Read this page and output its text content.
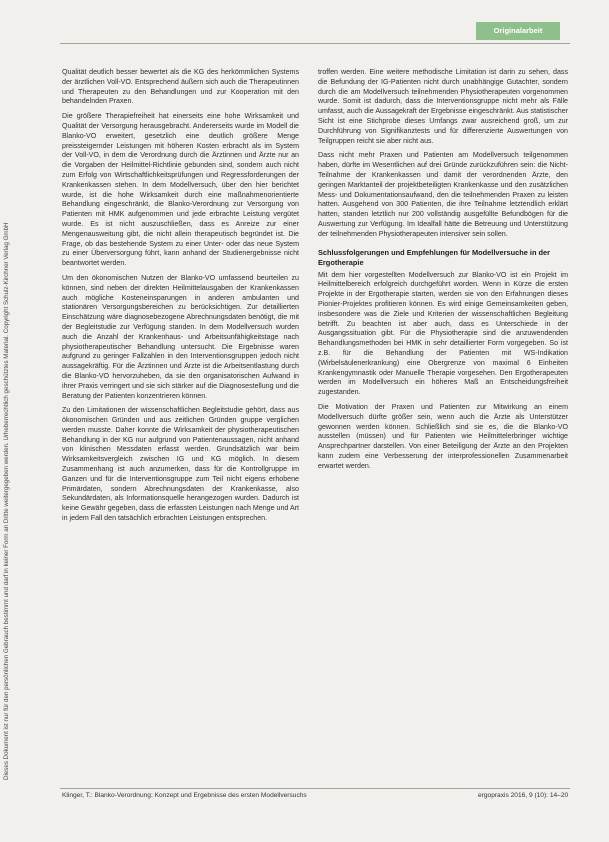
Originalarbeit
Dieses Dokument ist nur für den persönlichen Gebrauch bestimmt und darf in keiner Form an Dritte weitergegeben werden. Urheberrechtlich geschütztes Material. Copyright Schulz-Kirchner Verlag GmbH

Qualität deutlich besser bewertet als die KG des herkömmlichen Systems der ärztlichen Voll-VO. Entsprechend äußern sich auch die Therapeutinnen und Therapeuten zu den Behandlungen und zur Kooperation mit den behandelnden Praxen.

Die größere Therapiefreiheit hat einerseits eine hohe Wirksamkeit und Qualität der Versorgung herausgebracht. Andererseits wurde im Modell die Blanko-VO erweitert, gesetzlich eine deutlich größere Menge preissteigernder Leistungen mit höheren Kosten erbracht als im System der Voll-VO, in dem die Verordnung durch die Ärztinnen und Ärzte nur an die Vorgaben der Heilmittel-Richtlinie gebunden sind, sondern auch nicht zum Erfolg von Wirtschaftlichkeitsprüfungen und Regressforderungen der Krankenkassen stehen. In dem Modellversuch, über den hier berichtet wurde, ist die hohe Wirksamkeit durch eine maßnahmenorientierte Behandlung eingeschränkt, die Blanko-Verordnung zur Versorgung von Patienten mit HMK aufgenommen und jede erbrachte Leistung vergütet wurde. Es ist nicht auszuschließen, dass es Anreize zur einer Mengenausweitung gibt, die nicht allein therapeutisch begründet ist. Die Frage, ob das bestehende System zu einer Unter- oder das neue System zu einer Überversorgung führt, kann anhand der Studienergebnisse nicht beantwortet werden.

Um den ökonomischen Nutzen der Blanko-VO umfassend beurteilen zu können, sind neben der direkten Heilmittelausgaben der Krankenkassen auch mögliche Kosteneinsparungen in anderen ambulanten und stationären Versorgungsbereichen zu berücksichtigen. Zur detaillierten Einschätzung wäre diagnosebezogene Abrechnungsdaten benötigt, die mit der Begleitstudie zur Verfügung standen. In dem Modellversuch wurden auch die Anzahl der Krankenhaus- und Arbeitsunfähigkeitstage nach physiotherapeutischer Behandlung untersucht. Die Ergebnisse waren aufgrund zu geringer Fallzahlen in den Interventionsgruppen jedoch nicht aussagekräftig. Für die Ärztinnen und Ärzte ist die Arbeitsentlastung durch die Blanko-VO hervorzuheben, da sie den organisatorischen Aufwand in ihrer Praxis verringert und sie sich stärker auf die Diagnosestellung und die Beratung der Patienten konzentrieren können.

Zu den Limitationen der wissenschaftlichen Begleitstudie gehört, dass aus ökonomischen Gründen und aus zeitlichen Gründen gruppe verglichen werden musste. Daher konnte die Wirksamkeit der physiotherapeutischen Behandlung in der KG nur aufgrund von Patientenaussagen, nicht anhand von klinischen Messdaten erfasst werden. Grundsätzlich war beim Wirksamkeitsvergleich zwischen IG und KG möglich. In diesem Zusammenhang ist auch anzumerken, dass für die Kontrollgruppe im Ganzen und für die Interventionsgruppe zum Teil nicht eigens erhobene Primärdaten, sondern Abrechnungsdaten der Krankenkasse, also Sekundärdaten, als Informationsquelle herangezogen wurden. Dadurch ist keine Gewähr gegeben, dass die erfassten Leistungen nach Menge und Art in jedem Fall den tatsächlich erbrachten Leistungen entsprechen.

troffen werden. Eine weitere methodische Limitation ist darin zu sehen, dass die Befundung der IG-Patienten nicht durch unabhängige Gutachter, sondern durch die am Modellversuch teilnehmenden Physiotherapeuten vorgenommen wurde. Somit ist dadurch, dass die Interventionsgruppe nicht mehr als Fälle umfasst, auch die Aussagekraft der Ergebnisse eingeschränkt. Aus statistischer Sicht ist eine Stichprobe dieses Umfangs zwar ausreichend groß, um zur Durchführung von Signifikanztests und für differenzierte Auswertungen von Teilgruppen reicht sie aber nicht aus.

Dass nicht mehr Praxen und Patienten am Modellversuch teilgenommen haben, dürfte im Wesentlichen auf drei Gründe zurückzuführen sein: die Nicht-Teilnahme der Krankenkassen und damit der verordnenden Ärzte, den geringen Marktanteil der projektbeteiligten Krankenkasse und den zusätzlichen Mess- und Dokumentationsaufwand, den die teilnehmenden Praxen zu leisten hatten. Ausgehend von 300 Patienten, die ihre Teilnahme letztendlich erklärt hatten, standen letztlich nur 200 vollständig ausgefüllte Befundbögen für die Auswertung zur Verfügung. Im Idealfall hätte die Betreuung und Unterstützung der teilnehmenden Physiotherapeuten intensiver sein sollen.

Schlussfolgerungen und Empfehlungen für Modellversuche in der Ergotherapie

Mit dem hier vorgestellten Modellversuch zur Blanko-VO ist ein Projekt im Heilmittelbereich erfolgreich durchgeführt worden. Wenn in Kürze die ersten Projekte in der Ergotherapie starten, werden sie von den Erfahrungen dieses Pionier-Projektes profitieren können. Es wird einige Gemeinsamkeiten geben, insbesondere was die Ziele und Kriterien der wissenschaftlichen Begleitung betrifft. Zu beachten ist aber auch, dass es Unterschiede in der Ausgangssituation gibt. Für die Physiotherapie sind die anzuwendenden Behandlungsmethoden bei HMK in sehr detaillierter Form vorgegeben. So ist z.B. für die Behandlung der Patienten mit WS-Indikation (Wirbelsäulenerkrankung) eine Obergrenze von maximal 6 Einheiten Krankengymnastik oder Manuelle Therapie vorgesehen. Den Ergotherapeuten werden im Modellversuch ein höheres Maß an Entscheidungsfreiheit zugestanden.

Die Motivation der Praxen und Patienten zur Mitwirkung an einem Modellversuch dürfte größer sein, wenn auch die Ärzte als Unterstützer gewonnen werden können. Schließlich sind sie es, die die Blanko-VO ausstellen (müssen) und für Patienten wie Heilmittelerbringer wichtige Ansprechpartner darstellen. Von einer Beteiligung der Ärzte an den Projekten kann zudem eine Verbesserung der interprofessionellen Zusammenarbeit erwartet werden.

Klinger, T.: Blanko-Verordnung: Konzept und Ergebnisse des ersten Modellversuchs	ergopraxis 2016, 9 (10): 14–20
